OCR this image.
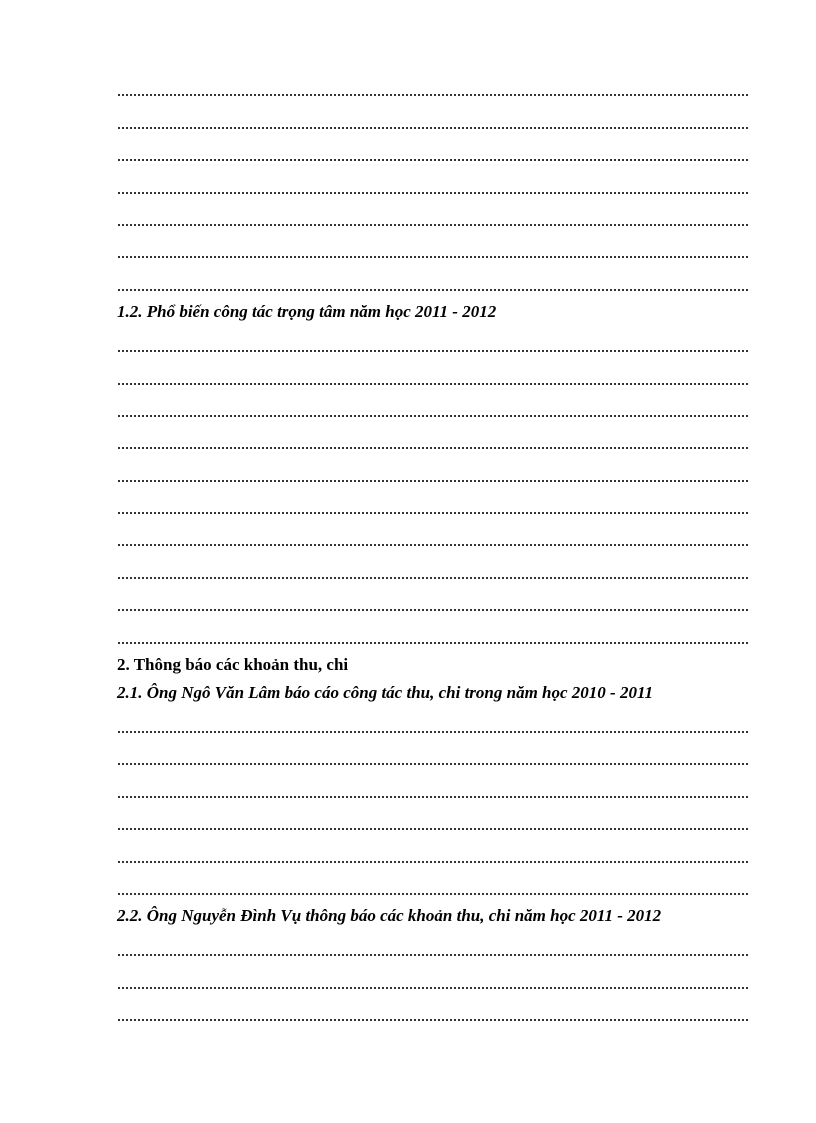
1.2. Phổ biến công tác trọng tâm năm học 2011 - 2012
2. Thông báo các khoản thu, chi
2.1. Ông Ngô Văn Lâm báo cáo công tác thu, chi trong năm học 2010 - 2011
2.2. Ông Nguyễn Đình Vụ thông báo các khoản thu, chi năm học 2011 - 2012
